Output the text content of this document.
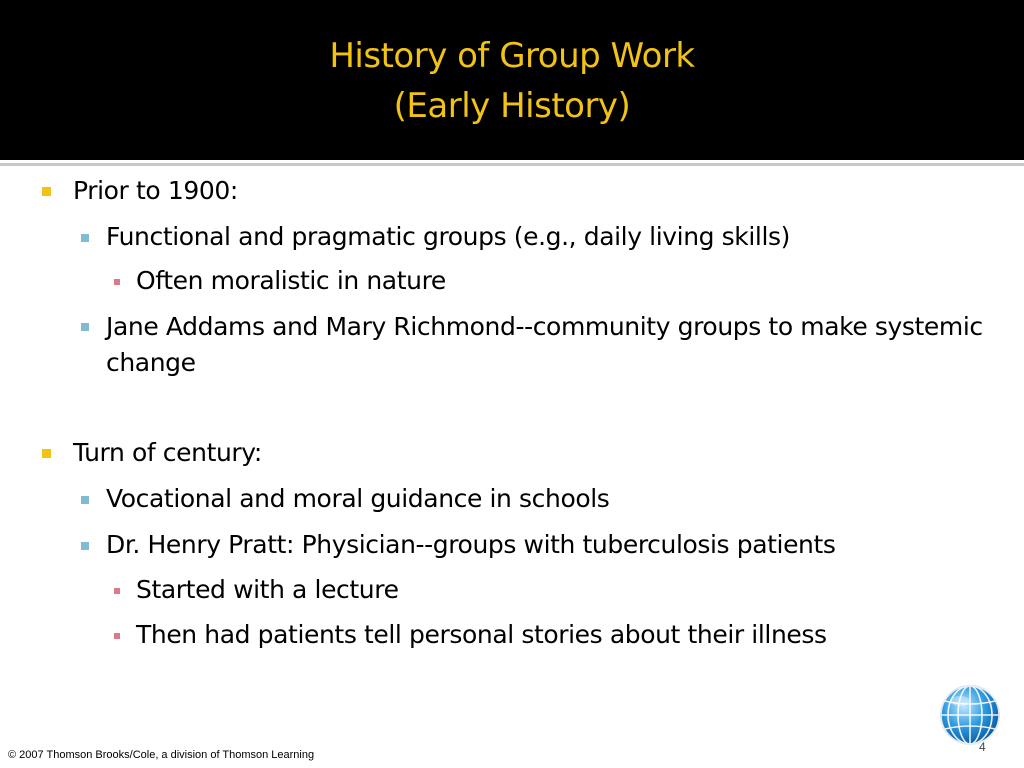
History of Group Work
(Early History)
Prior to 1900:
Functional and pragmatic groups (e.g., daily living skills)
Often moralistic in nature
Jane Addams and Mary Richmond--community groups to make systemic change
Turn of century:
Vocational and moral guidance in schools
Dr. Henry Pratt: Physician--groups with tuberculosis patients
Started with a lecture
Then had patients tell personal stories about their illness
4
© 2007 Thomson Brooks/Cole, a division of Thomson Learning
